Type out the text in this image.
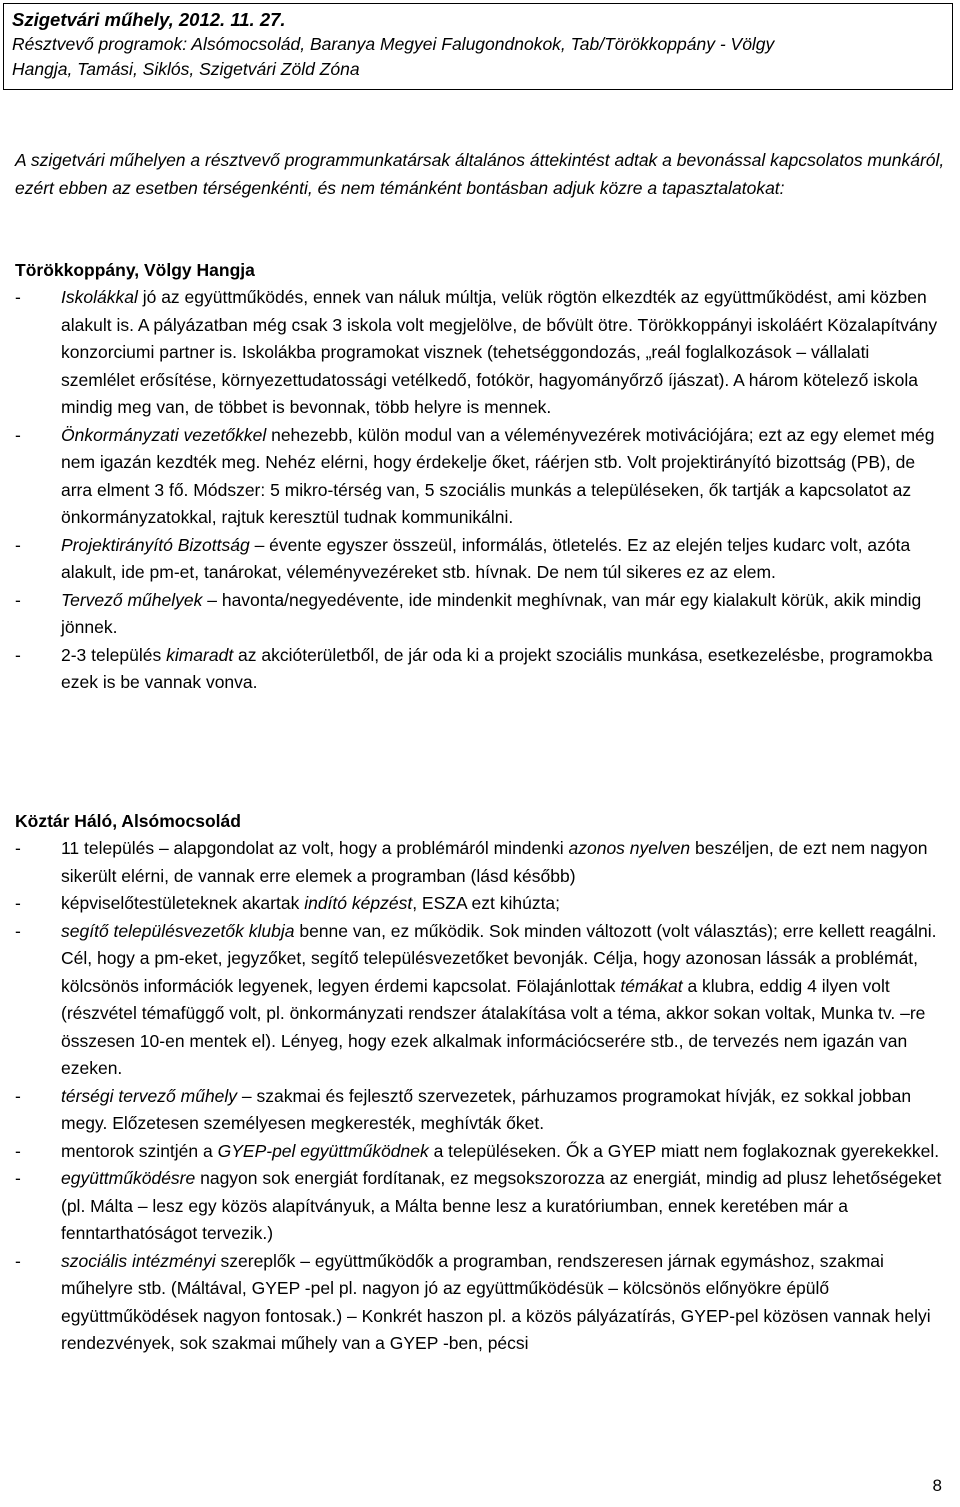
Szigetvári műhely, 2012. 11. 27.
Résztvevő programok: Alsómocsolád, Baranya Megyei Falugondnokok, Tab/Törökkoppány - Völgy
Hangja, Tamási, Siklós, Szigetvári Zöld Zóna
A szigetvári műhelyen a résztvevő programmunkatársak általános áttekintést adtak a bevonással kapcsolatos munkáról, ezért ebben az esetben térségenkénti, és nem témánként bontásban adjuk közre a tapasztalatokat:
Törökkoppány, Völgy Hangja
- Iskolákkal jó az együttműködés, ennek van náluk múltja, velük rögtön elkezdték az együttműködést, ami közben alakult is. A pályázatban még csak 3 iskola volt megjelölve, de bővült ötre. Törökkoppányi iskoláért Közalapítvány konzorciumi partner is. Iskolákba programokat visznek (tehetséggondozás, „reál foglalkozások – vállalati szemlélet erősítése, környezettudatossági vetélkedő, fotókör, hagyományőrző íjászat). A három kötelező iskola mindig meg van, de többet is bevonnak, több helyre is mennek.
- Önkormányzati vezetőkkel nehezebb, külön modul van a véleményvezérek motivációjára; ezt az egy elemet még nem igazán kezdték meg. Nehéz elérni, hogy érdekelje őket, ráérjen stb. Volt projektirányító bizottság (PB), de arra elment 3 fő. Módszer: 5 mikro-térség van, 5 szociális munkás a településeken, ők tartják a kapcsolatot az önkormányzatokkal, rajtuk keresztül tudnak kommunikálni.
- Projektirányító Bizottság – évente egyszer összeül, informálás, ötletelés. Ez az elején teljes kudarc volt, azóta alakult, ide pm-et, tanárokat, véleményvezéreket stb. hívnak. De nem túl sikeres ez az elem.
- Tervező műhelyek – havonta/negyedévente, ide mindenkit meghívnak, van már egy kialakult körük, akik mindig jönnek.
- 2-3 település kimaradt az akcióterületből, de jár oda ki a projekt szociális munkása, esetkezelésbe, programokba ezek is be vannak vonva.
Köztár Háló, Alsómocsolád
- 11 település – alapgondolat az volt, hogy a problémáról mindenki azonos nyelven beszéljen, de ezt nem nagyon sikerült elérni, de vannak erre elemek a programban (lásd később)
- képviselőtestületeknek akartak indító képzést, ESZA ezt kihúzta;
- segítő településvezetők klubja benne van, ez működik. Sok minden változott (volt választás); erre kellett reagálni. Cél, hogy a pm-eket, jegyzőket, segítő településvezetőket bevonják. Célja, hogy azonosan lássák a problémát, kölcsönös információk legyenek, legyen érdemi kapcsolat. Fölajánlottak témákat a klubra, eddig 4 ilyen volt (részvétel témafüggő volt, pl. önkormányzati rendszer átalakítása volt a téma, akkor sokan voltak, Munka tv. –re összesen 10-en mentek el). Lényeg, hogy ezek alkalmak információcserére stb., de tervezés nem igazán van ezeken.
- térségi tervező műhely – szakmai és fejlesztő szervezetek, párhuzamos programokat hívják, ez sokkal jobban megy. Előzetesen személyesen megkeresték, meghívták őket.
- mentorok szintjén a GYEP-pel együttműködnek a településeken. Ők a GYEP miatt nem foglakoznak gyerekekkel.
- együttműködésre nagyon sok energiát fordítanak, ez megsokszorozza az energiát, mindig ad plusz lehetőségeket (pl. Málta – lesz egy közös alapítványuk, a Málta benne lesz a kuratóriumban, ennek keretében már a fenntarthatóságot tervezik.)
- szociális intézményi szereplők – együttműködők a programban, rendszeresen járnak egymáshoz, szakmai műhelyre stb. (Máltával, GYEP -pel pl. nagyon jó az együttműködésük – kölcsönös előnyökre épülő együttműködések nagyon fontosak.) – Konkrét haszon pl. a közös pályázatírás, GYEP-pel közösen vannak helyi rendezvények, sok szakmai műhely van a GYEP -ben, pécsi
8
